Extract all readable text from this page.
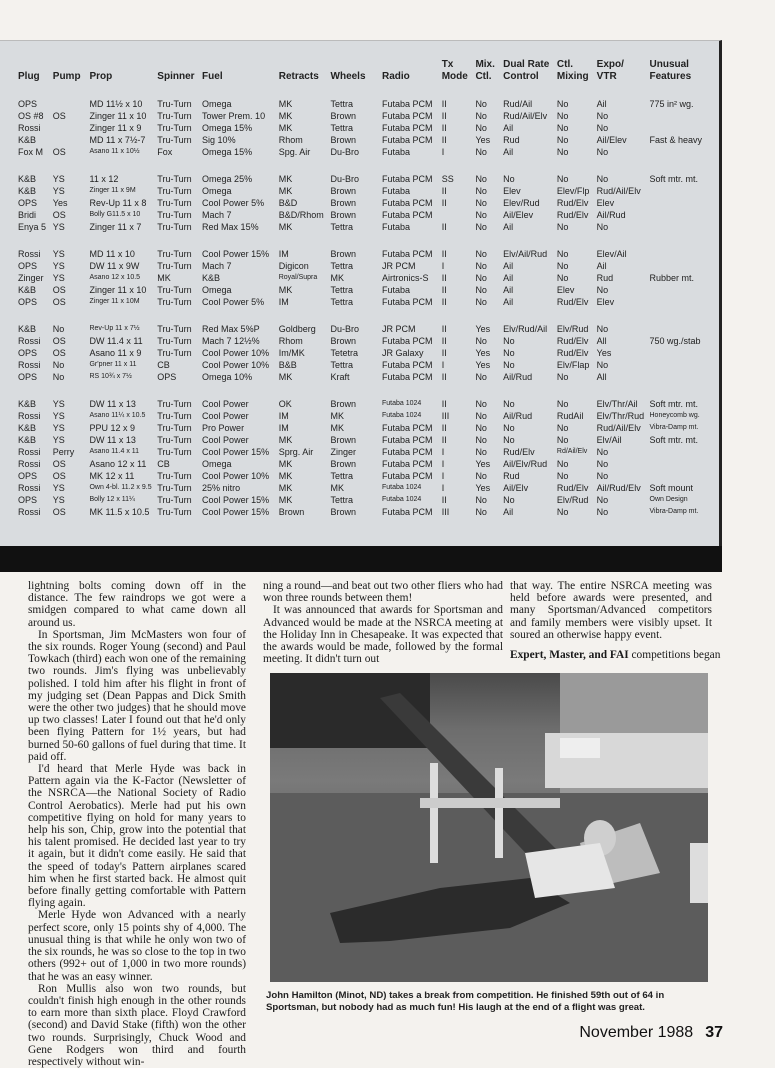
								Tx	Mix.	Dual Rate	Ctl.	Expo/	Unusual
Plug	Pump	Prop	Spinner	Fuel	Retracts	Wheels	Radio	Mode	Ctl.	Control	Mixing	VTR	Features

OPS		MD 11½ x 10	Tru-Turn	Omega	MK	Tettra	Futaba PCM	II	No	Rud/Ail	No	Ail	775 in² wg.
OS #8	OS	Zinger 11 x 10	Tru-Turn	Tower Prem. 10	MK	Brown	Futaba PCM	II	No	Rud/Ail/Elv	No	No	
Rossi		Zinger 11 x 9	Tru-Turn	Omega 15%	MK	Tettra	Futaba PCM	II	No	Ail	No	No	
K&B		MD 11 x 7½-7	Tru-Turn	Sig 10%	Rhom	Brown	Futaba PCM	II	Yes	Rud	No	Ail/Elev	Fast & heavy
Fox M	OS	Asano 11 x 10½	Fox	Omega 15%	Spg. Air	Du-Bro	Futaba	I	No	Ail	No	No	

K&B	YS	11 x 12	Tru-Turn	Omega 25%	MK	Du-Bro	Futaba PCM	SS	No	No	No	No	Soft mtr. mt.
K&B	YS	Zinger 11 x 9M	Tru-Turn	Omega	MK	Brown	Futaba	II	No	Elev	Elev/Flp	Rud/Ail/Elv	
OPS	Yes	Rev-Up 11 x 8	Tru-Turn	Cool Power 5%	B&D	Brown	Futaba PCM	II	No	Elev/Rud	Rud/Elv	Elev	
Bridi	OS	Bolly G11.5 x 10	Tru-Turn	Mach 7	B&D/Rhom	Brown	Futaba PCM		No	Ail/Elev	Rud/Elv	Ail/Rud	
Enya 5	YS	Zinger 11 x 7	Tru-Turn	Red Max 15%	MK	Tettra	Futaba	II	No	Ail	No	No	

Rossi	YS	MD 11 x 10	Tru-Turn	Cool Power 15%	IM	Brown	Futaba PCM	II	No	Elv/Ail/Rud	No	Elev/Ail	
OPS	YS	DW 11 x 9W	Tru-Turn	Mach 7	Digicon	Tettra	JR PCM	I	No	Ail	No	Ail	
Zinger	YS	Asano 12 x 10.5	MK	K&B	Royal/Supra	MK	Airtronics-S	II	No	Ail	No	Rud	Rubber mt.
K&B	OS	Zinger 11 x 10	Tru-Turn	Omega	MK	Tettra	Futaba	II	No	Ail	Elev	No	
OPS	OS	Zinger 11 x 10M	Tru-Turn	Cool Power 5%	IM	Tettra	Futaba PCM	II	No	Ail	Rud/Elv	Elev	

K&B	No	Rev-Up 11 x 7½	Tru-Turn	Red Max 5%P	Goldberg	Du-Bro	JR PCM	II	Yes	Elv/Rud/Ail	Elv/Rud	No	
Rossi	OS	DW 11.4 x 11	Tru-Turn	Mach 7 12½%	Rhom	Brown	Futaba PCM	II	No	No	Rud/Elv	All	750 wg./stab
OPS	OS	Asano 11 x 9	Tru-Turn	Cool Power 10%	Im/MK	Tetetra	JR Galaxy	II	Yes	No	Rud/Elv	Yes	
Rossi	No	Gr'pner 11 x 11	CB	Cool Power 10%	B&B	Tettra	Futaba PCM	I	Yes	No	Elv/Flap	No	
OPS	No	RS 10¾ x 7½	OPS	Omega 10%	MK	Kraft	Futaba PCM	II	No	Ail/Rud	No	All	

K&B	YS	DW 11 x 13	Tru-Turn	Cool Power	OK	Brown	Futaba 1024	II	No	No	No	Elv/Thr/Ail	Soft mtr. mt.
Rossi	YS	Asano 11¼ x 10.5	Tru-Turn	Cool Power	IM	MK	Futaba 1024	III	No	Ail/Rud	RudAil	Elv/Thr/Rud	Honeycomb wg.
K&B	YS	PPU 12 x 9	Tru-Turn	Pro Power	IM	MK	Futaba PCM	II	No	No	No	Rud/Ail/Elv	Vibra-Damp mt.
K&B	YS	DW 11 x 13	Tru-Turn	Cool Power	MK	Brown	Futaba PCM	II	No	No	No	Elv/Ail	Soft mtr. mt.
Rossi	Perry	Asano 11.4 x 11	Tru-Turn	Cool Power 15%	Sprg. Air	Zinger	Futaba PCM	I	No	Rud/Elv	Rd/Ail/Elv	No	
Rossi	OS	Asano 12 x 11	CB	Omega	MK	Brown	Futaba PCM	I	Yes	Ail/Elv/Rud	No	No	
OPS	OS	MK 12 x 11	Tru-Turn	Cool Power 10%	MK	Tettra	Futaba PCM	I	No	Rud	No	No	
Rossi	YS	Own 4-bl. 11.2 x 9.5	Tru-Turn	25% nitro	MK	MK	Futaba 1024	I	Yes	Ail/Elv	Rud/Elv	Ail/Rud/Elv	Soft mount
OPS	YS	Bolly 12 x 11¼	Tru-Turn	Cool Power 15%	MK	Tettra	Futaba 1024	II	No	No	Elv/Rud	No	Own Design
Rossi	OS	MK 11.5 x 10.5	Tru-Turn	Cool Power 15%	Brown	Brown	Futaba PCM	III	No	Ail	No	No	Vibra-Damp mt.

lightning bolts coming down off in the distance. The few raindrops we got were a smidgen compared to what came down all around us.

In Sportsman, Jim McMasters won four of the six rounds. Roger Young (second) and Paul Towkach (third) each won one of the remaining two rounds. Jim's flying was unbelievably polished. I told him after his flight in front of my judging set (Dean Pappas and Dick Smith were the other two judges) that he should move up two classes! Later I found out that he'd only been flying Pattern for 1½ years, but had burned 50-60 gallons of fuel during that time. It paid off.

I'd heard that Merle Hyde was back in Pattern again via the K-Factor (Newsletter of the NSRCA—the National Society of Radio Control Aerobatics). Merle had put his own competitive flying on hold for many years to help his son, Chip, grow into the potential that his talent promised. He decided last year to try it again, but it didn't come easily. He said that the speed of today's Pattern airplanes scared him when he first started back. He almost quit before finally getting comfortable with Pattern flying again.

Merle Hyde won Advanced with a nearly perfect score, only 15 points shy of 4,000. The unusual thing is that while he only won two of the six rounds, he was so close to the top in two others (992+ out of 1,000 in two more rounds) that he was an easy winner.

Ron Mullis also won two rounds, but couldn't finish high enough in the other rounds to earn more than sixth place. Floyd Crawford (second) and David Stake (fifth) won the other two rounds. Surprisingly, Chuck Wood and Gene Rodgers won third and fourth respectively without win-

ning a round—and beat out two other fliers who had won three rounds between them!

It was announced that awards for Sportsman and Advanced would be made at the NSRCA meeting at the Holiday Inn in Chesapeake. It was expected that the awards would be made, followed by the formal meeting. It didn't turn out

that way. The entire NSRCA meeting was held before awards were presented, and many Sportsman/Advanced competitors and family members were visibly upset. It soured an otherwise happy event.

Expert, Master, and FAI competitions began

John Hamilton (Minot, ND) takes a break from competition. He finished 59th out of 64 in Sportsman, but nobody had as much fun! His laugh at the end of a flight was great.
November 1988 37
